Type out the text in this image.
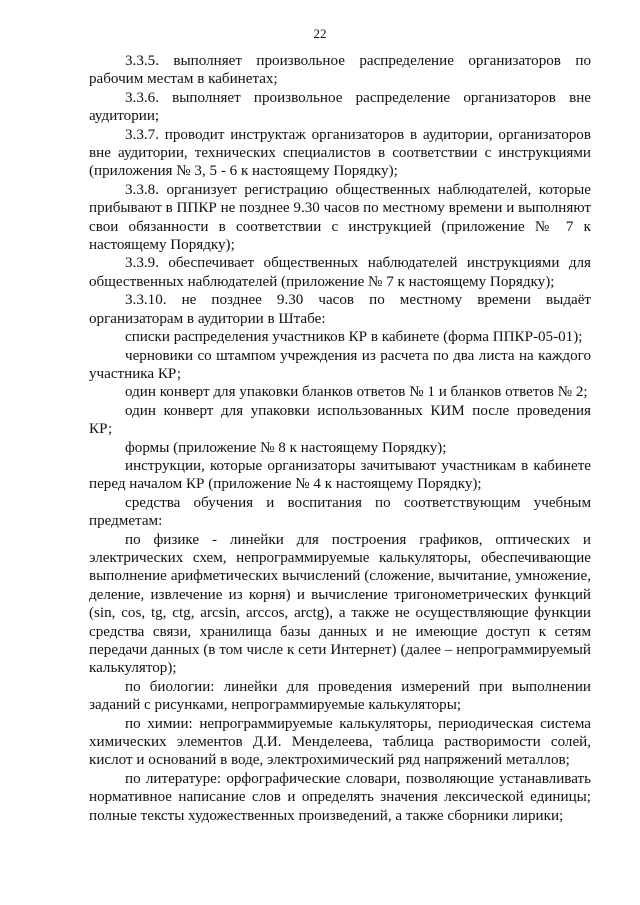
22

3.3.5. выполняет произвольное распределение организаторов по рабочим местам в кабинетах;

3.3.6. выполняет произвольное распределение организаторов вне аудитории;

3.3.7. проводит инструктаж организаторов в аудитории, организаторов вне аудитории, технических специалистов в соответствии с инструкциями (приложения № 3, 5 - 6 к настоящему Порядку);

3.3.8. организует регистрацию общественных наблюдателей, которые прибывают в ППКР не позднее 9.30 часов по местному времени и выполняют свои обязанности в соответствии с инструкцией (приложение № 7 к настоящему Порядку);

3.3.9. обеспечивает общественных наблюдателей инструкциями для общественных наблюдателей (приложение № 7 к настоящему Порядку);

3.3.10. не позднее 9.30 часов по местному времени выдаёт организаторам в аудитории в Штабе:

списки распределения участников КР в кабинете (форма ППКР-05-01);

черновики со штампом учреждения из расчета по два листа на каждого участника КР;

один конверт для упаковки бланков ответов № 1 и бланков ответов № 2;

один конверт для упаковки использованных КИМ после проведения КР;

формы (приложение № 8 к настоящему Порядку);

инструкции, которые организаторы зачитывают участникам в кабинете перед началом КР (приложение № 4 к настоящему Порядку);

средства обучения и воспитания по соответствующим учебным предметам:

по физике - линейки для построения графиков, оптических и электрических схем, непрограммируемые калькуляторы, обеспечивающие выполнение арифметических вычислений (сложение, вычитание, умножение, деление, извлечение из корня) и вычисление тригонометрических функций (sin, cos, tg, ctg, arcsin, arccos, arctg), а также не осуществляющие функции средства связи, хранилища базы данных и не имеющие доступ к сетям передачи данных (в том числе к сети Интернет) (далее – непрограммируемый калькулятор);

по биологии: линейки для проведения измерений при выполнении заданий с рисунками, непрограммируемые калькуляторы;

по химии: непрограммируемые калькуляторы, периодическая система химических элементов Д.И. Менделеева, таблица растворимости солей, кислот и оснований в воде, электрохимический ряд напряжений металлов;

по литературе: орфографические словари, позволяющие устанавливать нормативное написание слов и определять значения лексической единицы; полные тексты художественных произведений, а также сборники лирики;
